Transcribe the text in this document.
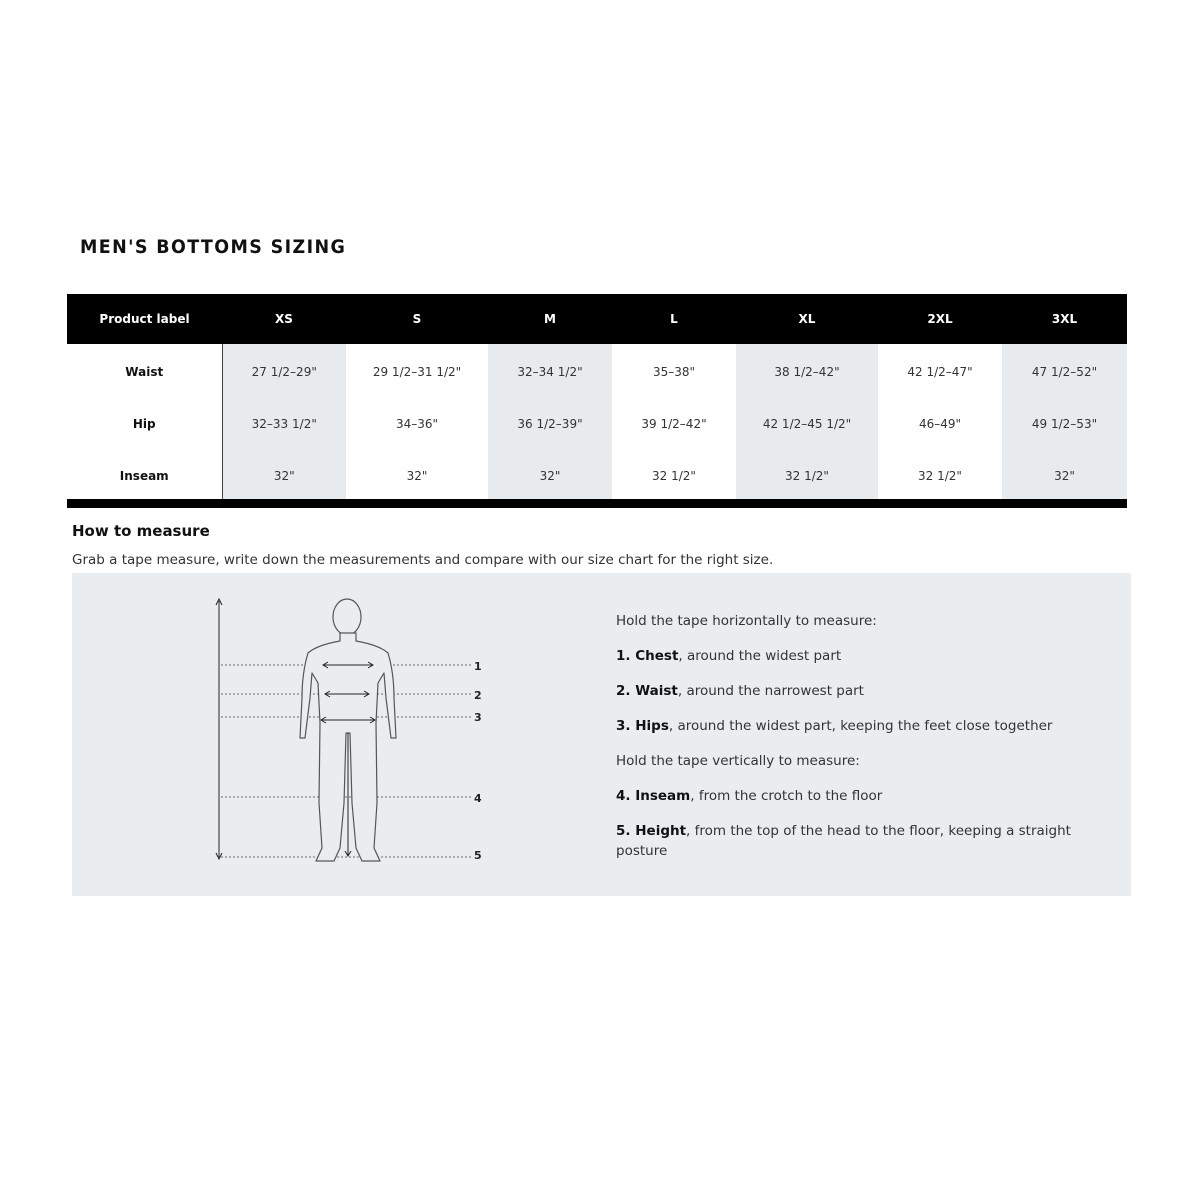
MEN'S BOTTOMS SIZING
Product label	XS	S	M	L	XL	2XL	3XL
Waist	27 1/2–29"	29 1/2–31 1/2"	32–34 1/2"	35–38"	38 1/2–42"	42 1/2–47"	47 1/2–52"
Hip	32–33 1/2"	34–36"	36 1/2–39"	39 1/2–42"	42 1/2–45 1/2"	46–49"	49 1/2–53"
Inseam	32"	32"	32"	32 1/2"	32 1/2"	32 1/2"	32"
How to measure
Grab a tape measure, write down the measurements and compare with our size chart for the right size.
1
2
3
4
5

Hold the tape horizontally to measure:

1. Chest, around the widest part

2. Waist, around the narrowest part

3. Hips, around the widest part, keeping the feet close together

Hold the tape vertically to measure:

4. Inseam, from the crotch to the floor

5. Height, from the top of the head to the floor, keeping a straight posture
